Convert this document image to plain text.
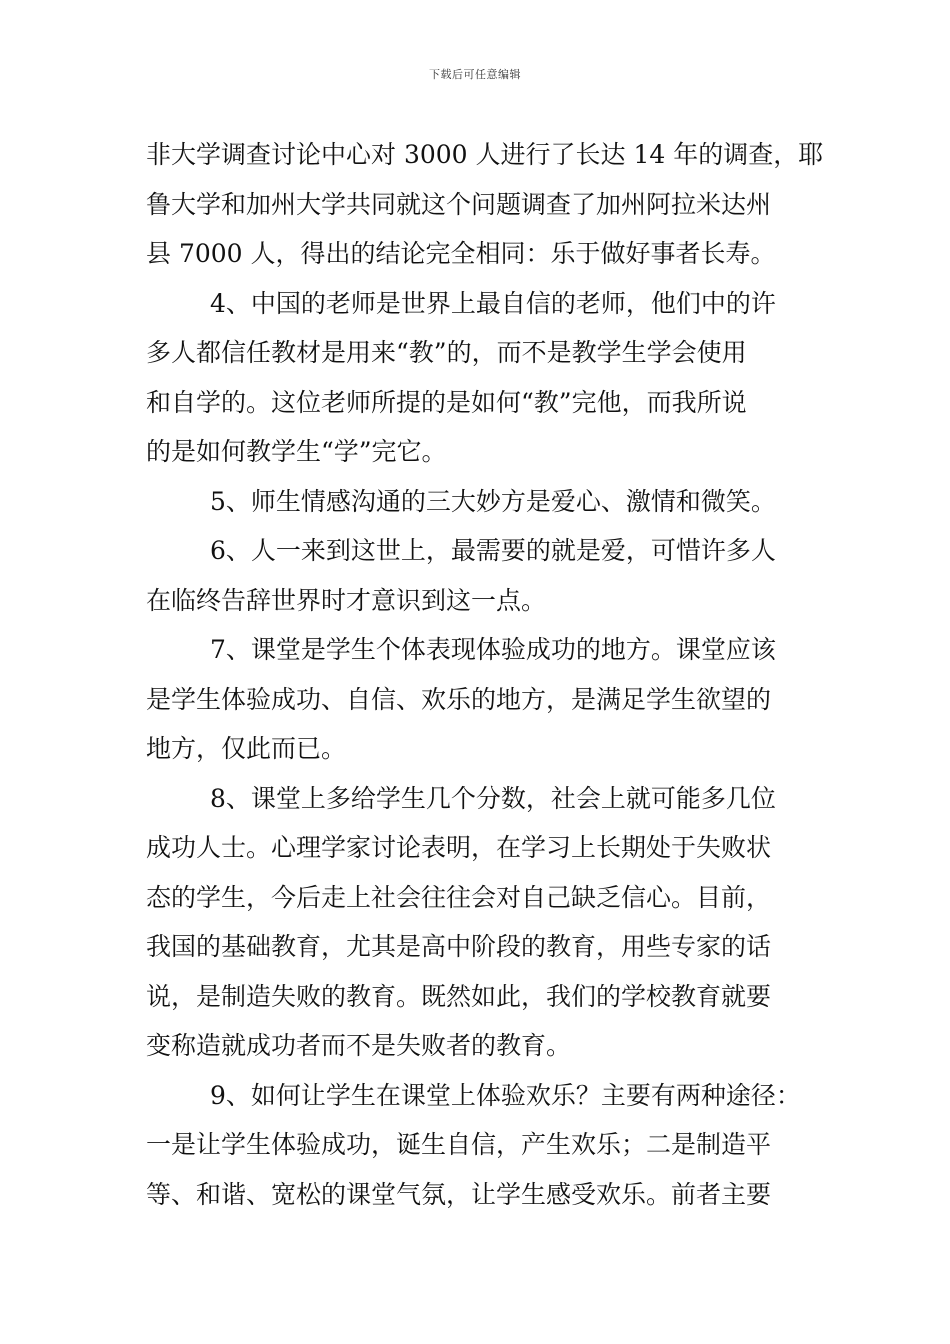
下载后可任意编辑
非大学调查讨论中心对 3000 人进行了长达 14 年的调查，耶
鲁大学和加州大学共同就这个问题调查了加州阿拉米达州
县 7000 人，得出的结论完全相同：乐于做好事者长寿。
4、中国的老师是世界上最自信的老师，他们中的许
多人都信任教材是用来“教”的，而不是教学生学会使用
和自学的。这位老师所提的是如何“教”完他，而我所说
的是如何教学生“学”完它。
5、师生情感沟通的三大妙方是爱心、激情和微笑。
6、人一来到这世上，最需要的就是爱，可惜许多人
在临终告辞世界时才意识到这一点。
7、课堂是学生个体表现体验成功的地方。课堂应该
是学生体验成功、自信、欢乐的地方，是满足学生欲望的
地方，仅此而已。
8、课堂上多给学生几个分数，社会上就可能多几位
成功人士。心理学家讨论表明，在学习上长期处于失败状
态的学生，今后走上社会往往会对自己缺乏信心。目前，
我国的基础教育，尤其是高中阶段的教育，用些专家的话
说，是制造失败的教育。既然如此，我们的学校教育就要
变称造就成功者而不是失败者的教育。
9、如何让学生在课堂上体验欢乐？主要有两种途径：
一是让学生体验成功，诞生自信，产生欢乐；二是制造平
等、和谐、宽松的课堂气氛，让学生感受欢乐。前者主要
